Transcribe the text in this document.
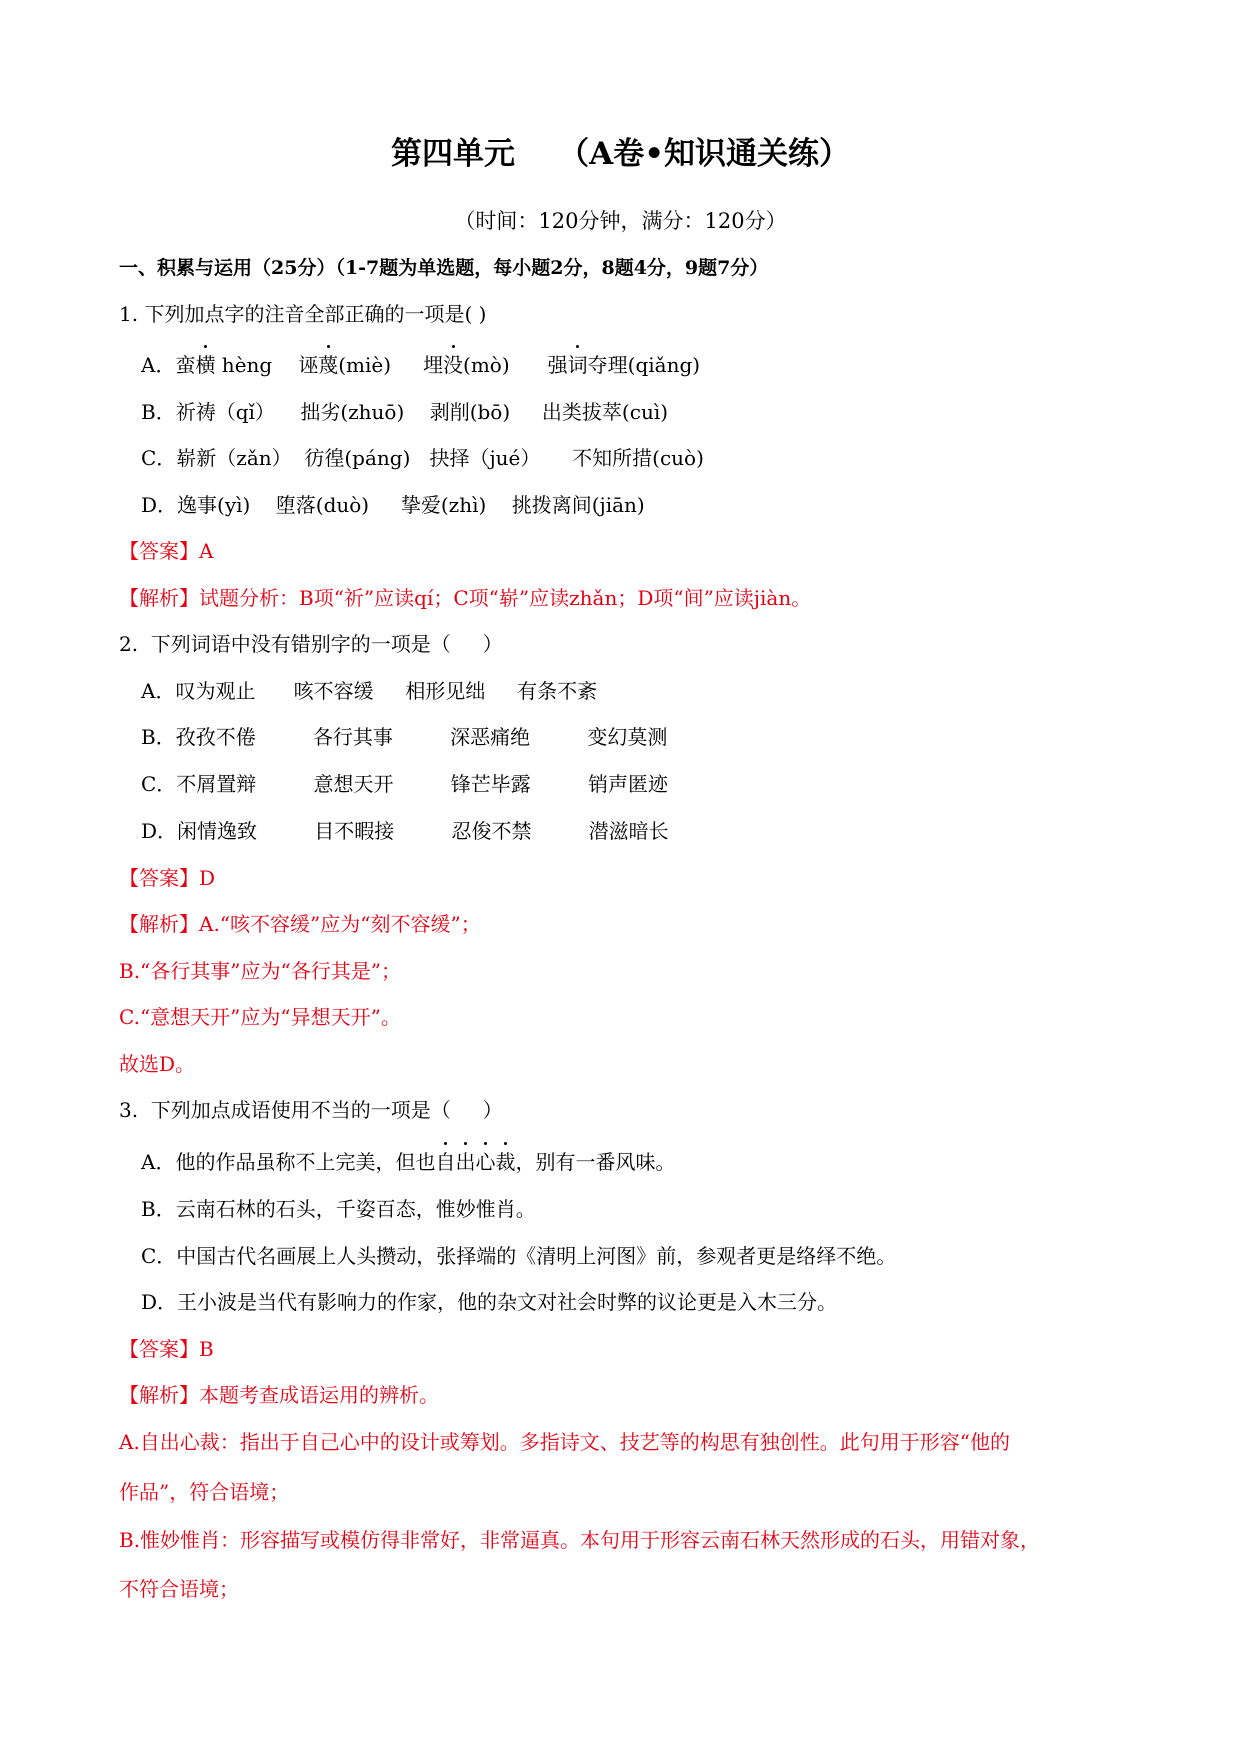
第四单元    （A卷•知识通关练）
（时间：120分钟，满分：120分）
一、积累与运用（25分）（1-7题为单选题，每小题2分，8题4分，9题7分）
1. 下列加点字的注音全部正确的一项是( )
A．蛮横 hèng 诬蔑(miè) 埋没(mò) 强词夺理(qiǎng)
B．祈祷（qǐ）    拙劣(zhuō)    剥削(bō)     出类拔萃(cuì)
C．崭新（zǎn）  彷徨(páng)   抉择（jué）     不知所措(cuò)
D．逸事(yì)    堕落(duò)     挚爱(zhì)    挑拨离间(jiān)
【答案】A
【解析】试题分析：B项“祈”应读qí；C项“崭”应读zhǎn；D项“间”应读jiàn。
2.  下列词语中没有错别字的一项是（     ）
A．叹为观止      咳不容缓     相形见绌     有条不紊
B．孜孜不倦         各行其事         深恶痛绝         变幻莫测
C．不屑置辩         意想天开         锋芒毕露         销声匿迹
D．闲情逸致         目不暇接         忍俊不禁         潜滋暗长
【答案】D
【解析】A.“咳不容缓”应为“刻不容缓”；
B.“各行其事”应为“各行其是”；
C.“意想天开”应为“异想天开”。
故选D。
3.  下列加点成语使用不当的一项是（     ）
A．他的作品虽称不上完美，但也自出心裁，别有一番风味。
B．云南石林的石头，千姿百态，惟妙惟肖。
C．中国古代名画展上人头攒动，张择端的《清明上河图》前，参观者更是络绎不绝。
D．王小波是当代有影响力的作家，他的杂文对社会时弊的议论更是入木三分。
【答案】B
【解析】本题考查成语运用的辨析。
A.自出心裁：指出于自己心中的设计或筹划。多指诗文、技艺等的构思有独创性。此句用于形容“他的
作品”，符合语境；
B.惟妙惟肖：形容描写或模仿得非常好，非常逼真。本句用于形容云南石林天然形成的石头，用错对象，
不符合语境；
